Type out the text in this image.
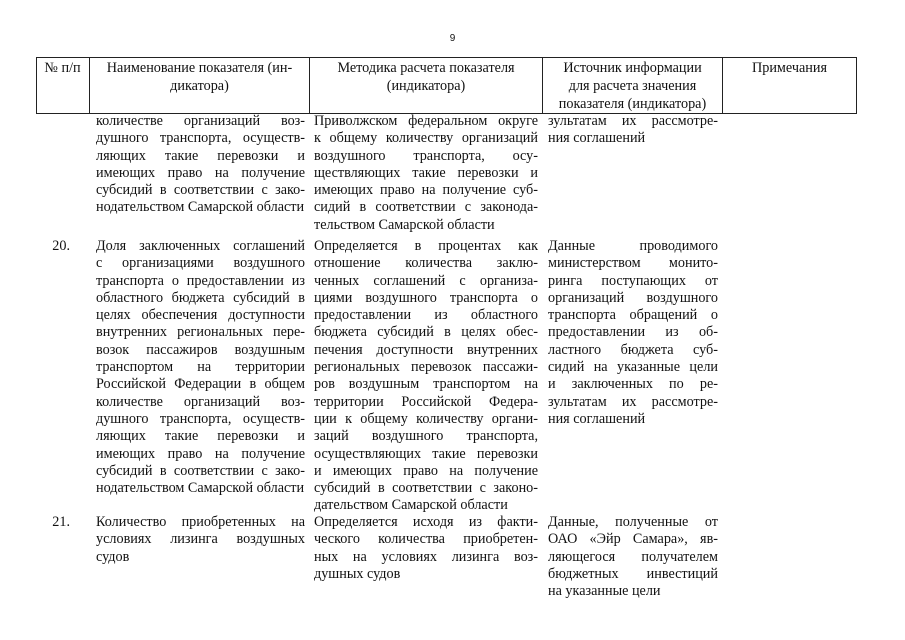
9
№ п/п	Наименование показателя (ин-
дикатора)
Методика расчета показателя
(индикатора)
Источник информации
для расчета значения
показателя (индикатора)
Примечания
количестве организаций воз-
душного транспорта, осуществ-
ляющих такие перевозки и
имеющих право на получение
субсидий в соответствии с зако-
нодательством Самарской области
Приволжском федеральном округе
к общему количеству организаций
воздушного транспорта, осу-
ществляющих такие перевозки и
имеющих право на получение суб-
сидий в соответствии с законода-
тельством Самарской области
зультатам их рассмотре-
ния соглашений
20. Доля заключенных соглашений
с организациями воздушного
транспорта о предоставлении из
областного бюджета субсидий в
целях обеспечения доступности
внутренних региональных пере-
возок пассажиров воздушным
транспортом на территории
Российской Федерации в общем
количестве организаций воз-
душного транспорта, осуществ-
ляющих такие перевозки и
имеющих право на получение
субсидий в соответствии с зако-
нодательством Самарской области
Определяется в процентах как
отношение количества заклю-
ченных соглашений с организа-
циями воздушного транспорта о
предоставлении из областного
бюджета субсидий в целях обес-
печения доступности внутренних
региональных перевозок пассажи-
ров воздушным транспортом на
территории Российской Федера-
ции к общему количеству органи-
заций воздушного транспорта,
осуществляющих такие перевозки
и имеющих право на получение
субсидий в соответствии с законо-
дательством Самарской области
Данные проводимого
министерством монито-
ринга поступающих от
организаций воздушного
транспорта обращений о
предоставлении из об-
ластного бюджета суб-
сидий на указанные цели
и заключенных по ре-
зультатам их рассмотре-
ния соглашений
21. Количество приобретенных на
условиях лизинга воздушных
судов
Определяется исходя из факти-
ческого количества приобретен-
ных на условиях лизинга воз-
душных судов
Данные, полученные от
ОАО «Эйр Самара», яв-
ляющегося получателем
бюджетных инвестиций
на указанные цели
